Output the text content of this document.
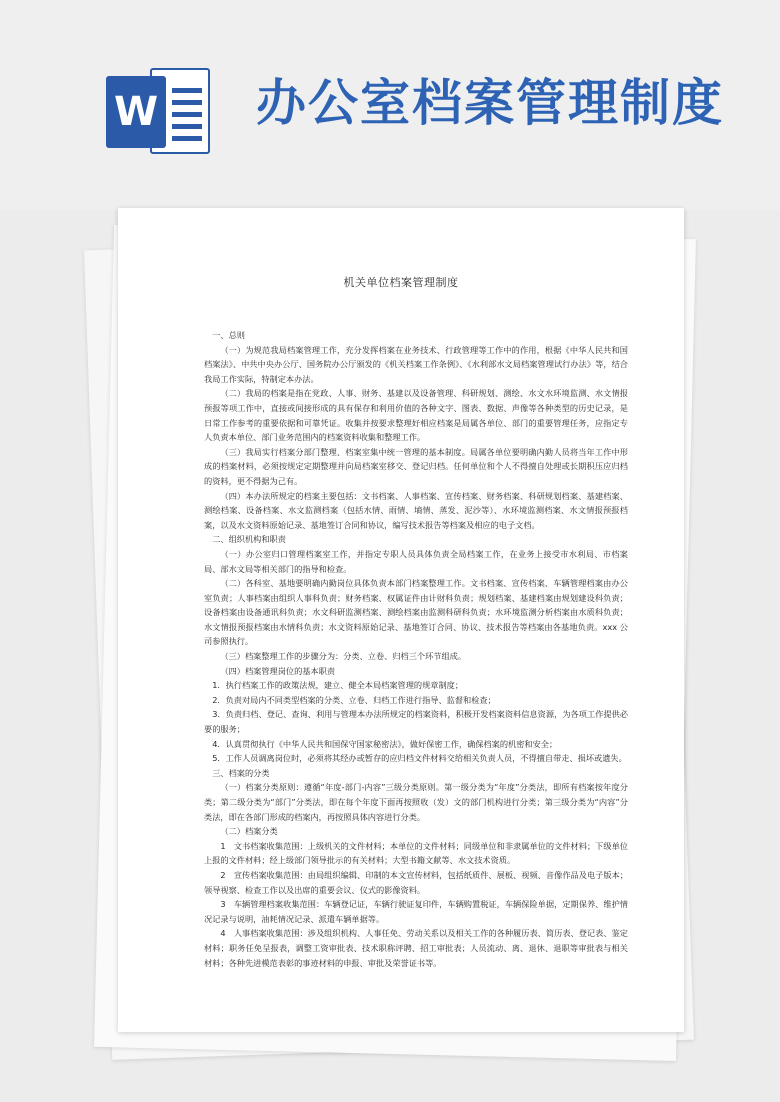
W 办公室档案管理制度
机关单位档案管理制度

一、总则

（一）为规范我局档案管理工作，充分发挥档案在业务技术、行政管理等工作中的作用，根据《中华人民共和国档案法》、中共中央办公厅、国务院办公厅颁发的《机关档案工作条例》、《水利部水文局档案管理试行办法》等，结合我局工作实际，特制定本办法。

（二）我局的档案是指在党政、人事、财务、基建以及设备管理、科研规划、测绘、水文水环境监测、水文情报预报等项工作中，直接或间接形成的具有保存和利用价值的各种文字、图表、数据、声像等各种类型的历史记录，是日常工作参考的重要依据和可靠凭证。收集并按要求整理好相应档案是局属各单位、部门的重要管理任务，应指定专人负责本单位、部门业务范围内的档案资料收集和整理工作。

（三）我局实行档案分部门整理、档案室集中统一管理的基本制度。局属各单位要明确内勤人员将当年工作中形成的档案材料，必须按规定定期整理并向局档案室移交、登记归档。任何单位和个人不得擅自处理或长期积压应归档的资料，更不得据为己有。

（四）本办法所规定的档案主要包括：文书档案、人事档案、宣传档案、财务档案、科研规划档案、基建档案、测绘档案、设备档案、水文监测档案（包括水情、雨情、墒情、蒸发、泥沙等）、水环境监测档案、水文情报预报档案，以及水文资料原始记录、基地签订合同和协议，编写技术报告等档案及相应的电子文档。

二、组织机构和职责

（一）办公室归口管理档案室工作，并指定专职人员具体负责全局档案工作，在业务上接受市水利局、市档案局、部水文局等相关部门的指导和检查。

（二）各科室、基地要明确内勤岗位具体负责本部门档案整理工作。文书档案、宣传档案、车辆管理档案由办公室负责；人事档案由组织人事科负责；财务档案、权属证件由计财科负责；规划档案、基建档案由规划建设科负责；设备档案由设备通讯科负责；水文科研监测档案、测绘档案由监测科研科负责；水环境监测分析档案由水质科负责；水文情报预报档案由水情科负责；水文资料原始记录、基地签订合同、协议、技术报告等档案由各基地负责。xxx 公司参照执行。

（三）档案整理工作的步骤分为：分类、立卷、归档三个环节组成。

（四）档案管理岗位的基本职责

1．执行档案工作的政策法规，建立、健全本局档案管理的规章制度；

2．负责对局内不同类型档案的分类、立卷、归档工作进行指导、监督和检查；

3．负责归档、登记、查询、利用与管理本办法所规定的档案资料，积极开发档案资料信息资源，为各项工作提供必要的服务；

4．认真贯彻执行《中华人民共和国保守国家秘密法》，做好保密工作，确保档案的机密和安全；

5．工作人员调离岗位时，必须将其经办或暂存的应归档文件材料交给相关负责人员，不得擅自带走、损坏或遗失。

三、档案的分类

（一）档案分类原则：遵循“年度-部门-内容”三级分类原则。第一级分类为“年度”分类法，即所有档案按年度分类；第二级分类为“部门”分类法，即在每个年度下面再按照收（发）文的部门机构进行分类；第三级分类为“内容”分类法，即在各部门形成的档案内，再按照具体内容进行分类。

（二）档案分类

1　文书档案收集范围：上级机关的文件材料；本单位的文件材料；同级单位和非隶属单位的文件材料；下级单位上报的文件材料；经上级部门领导批示的有关材料；大型书籍文献等、水文技术资质。

2　宣传档案收集范围：由局组织编辑、印制的本文宣传材料，包括纸质件、展板、视频、音像作品及电子版本；领导视察、检查工作以及出席的重要会议、仪式的影像资料。

3　车辆管理档案收集范围：车辆登记证，车辆行驶证复印件，车辆购置税证，车辆保险单据，定期保养、维护情况记录与说明，油耗情况记录、派遣车辆单据等。

4　人事档案收集范围：涉及组织机构、人事任免、劳动关系以及相关工作的各种履历表、简历表、登记表、鉴定材料；职务任免呈报表，调整工资审批表、技术职称评聘、招工审批表；人员流动、离、退休、退职等审批表与相关材料；各种先进模范表彰的事迹材料的申报、审批及荣誉证书等。
